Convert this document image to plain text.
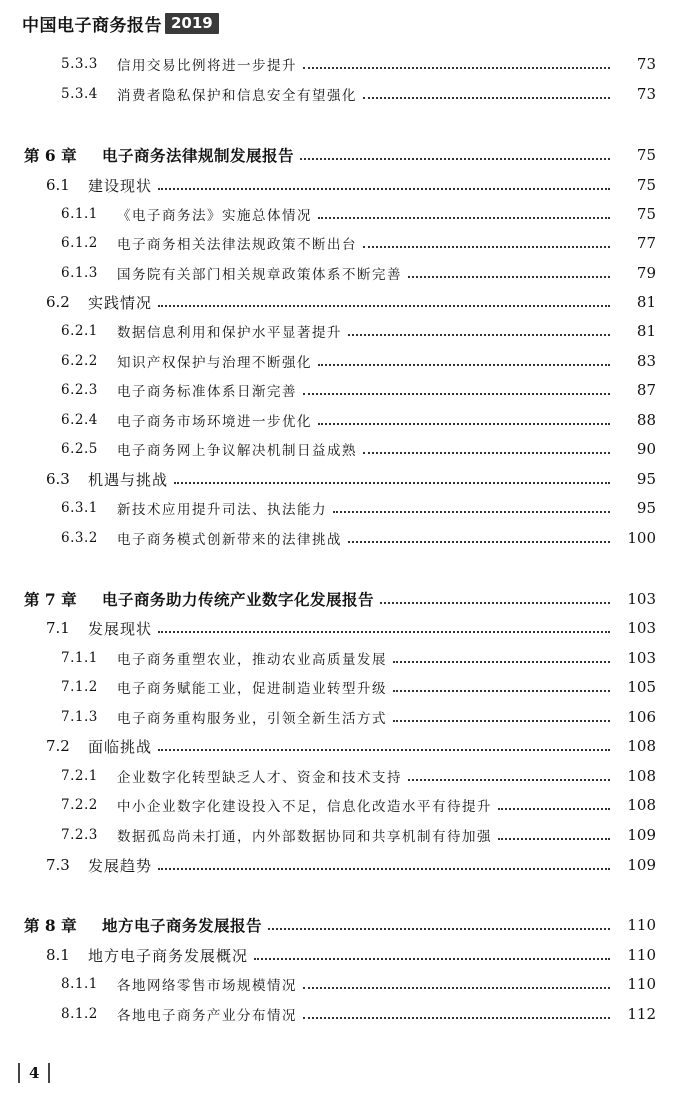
中国电子商务报告 2019
5.3.3	信用交易比例将进一步提升	73
5.3.4	消费者隐私保护和信息安全有望强化	73
第 6 章	电子商务法律规制发展报告	75
6.1	建设现状	75
6.1.1	《电子商务法》实施总体情况	75
6.1.2	电子商务相关法律法规政策不断出台	77
6.1.3	国务院有关部门相关规章政策体系不断完善	79
6.2	实践情况	81
6.2.1	数据信息利用和保护水平显著提升	81
6.2.2	知识产权保护与治理不断强化	83
6.2.3	电子商务标准体系日渐完善	87
6.2.4	电子商务市场环境进一步优化	88
6.2.5	电子商务网上争议解决机制日益成熟	90
6.3	机遇与挑战	95
6.3.1	新技术应用提升司法、执法能力	95
6.3.2	电子商务模式创新带来的法律挑战	100
第 7 章	电子商务助力传统产业数字化发展报告	103
7.1	发展现状	103
7.1.1	电子商务重塑农业，推动农业高质量发展	103
7.1.2	电子商务赋能工业，促进制造业转型升级	105
7.1.3	电子商务重构服务业，引领全新生活方式	106
7.2	面临挑战	108
7.2.1	企业数字化转型缺乏人才、资金和技术支持	108
7.2.2	中小企业数字化建设投入不足，信息化改造水平有待提升	108
7.2.3	数据孤岛尚未打通，内外部数据协同和共享机制有待加强	109
7.3	发展趋势	109
第 8 章	地方电子商务发展报告	110
8.1	地方电子商务发展概况	110
8.1.1	各地网络零售市场规模情况	110
8.1.2	各地电子商务产业分布情况	112
4
